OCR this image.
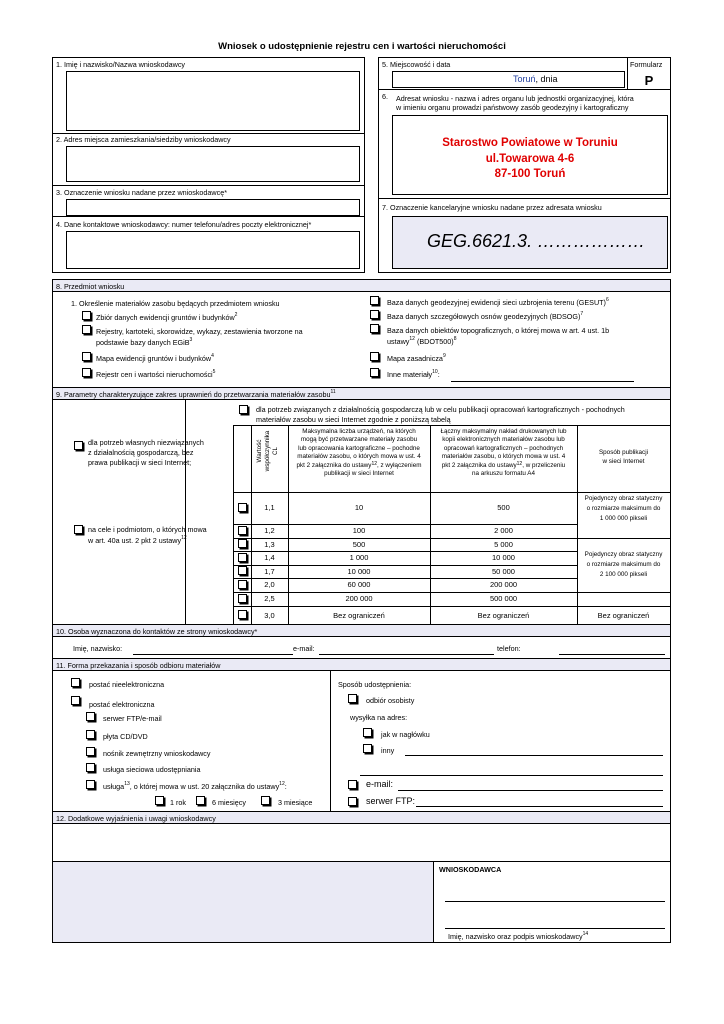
Wniosek o udostępnienie rejestru cen i wartości nieruchomości
1. Imię i nazwisko/Nazwa wnioskodawcy
2. Adres miejsca zamieszkania/siedziby wnioskodawcy
3. Oznaczenie wniosku nadane przez wnioskodawcę*
4. Dane kontaktowe wnioskodawcy: numer telefonu/adres poczty elektronicznej*
5. Miejscowość i data
Toruń, dnia
Formularz
P
6. Adresat wniosku - nazwa i adres organu lub jednostki organizacyjnej, która
w imieniu organu prowadzi państwowy zasób geodezyjny i kartograficzny
Starostwo Powiatowe w Toruniu
ul.Towarowa 4-6
87-100 Toruń
7. Oznaczenie kancelaryjne wniosku nadane przez adresata wniosku
GEG.6621.3. ………………
8. Przedmiot wniosku
1. Określenie materiałów zasobu będących przedmiotem wniosku
Zbiór danych ewidencji gruntów i budynków$^2$
Rejestry, kartoteki, skorowidze, wykazy, zestawienia tworzone na
podstawie bazy danych EGiB$^3$
Mapa ewidencji gruntów i budynków$^4$
Rejestr cen i wartości nieruchomości$^5$
Baza danych geodezyjnej ewidencji sieci uzbrojenia terenu (GESUT)$^6$
Baza danych szczegółowych osnów geodezyjnych (BDSOG)$^7$
Baza danych obiektów topograficznych, o której mowa w art. 4 ust. 1b
ustawy$^{12}$ (BDOT500)$^8$
Mapa zasadnicza$^9$
Inne materiały$^{10}$:
9. Parametry charakteryzujące zakres uprawnień do przetwarzania materiałów zasobu$^{11}$
dla potrzeb własnych niezwiązanych
z działalnością gospodarczą, bez
prawa publikacji w sieci Internet;
na cele i podmiotom, o których mowa
w art. 40a ust. 2 pkt 2 ustawy$^{12}$
dla potrzeb związanych z działalnością gospodarczą lub w celu publikacji opracowań kartograficznych - pochodnych
materiałów zasobu w sieci Internet zgodnie z poniższą tabelą
Wartość współczynnika CL
Maksymalna liczba urządzeń, na których
mogą być przetwarzane materiały zasobu
lub opracowania kartograficzne – pochodne
materiałów zasobu, o których mowa w ust. 4
pkt 2 załącznika do ustawy$^{12}$, z wyłączeniem
publikacji w sieci Internet
Łączny maksymalny nakład drukowanych lub
kopii elektronicznych materiałów zasobu lub
opracowań kartograficznych – pochodnych
materiałów zasobu, o których mowa w ust. 4
pkt 2 załącznika do ustawy$^{12}$, w przeliczeniu
na arkuszu formatu A4
Sposób publikacji
w sieci Internet
1,1	10	500
1,2	100	2 000
1,3	500	5 000
1,4	1 000	10 000
1,7	10 000	50 000
2,0	60 000	200 000
2,5	200 000	500 000
3,0	Bez ograniczeń	Bez ograniczeń	Bez ograniczeń
Pojedynczy obraz statyczny
o rozmiarze maksimum do
1 000 000 pikseli
Pojedynczy obraz statyczny
o rozmiarze maksimum do
2 100 000 pikseli
10. Osoba wyznaczona do kontaktów ze strony wnioskodawcy*
Imię, nazwisko:	e-mail:	telefon:
11. Forma przekazania i sposób odbioru materiałów
postać nieelektroniczna
postać elektroniczna
serwer FTP/e-mail
płyta CD/DVD
nośnik zewnętrzny wnioskodawcy
usługa sieciowa udostępniania
usługa$^{13}$, o której mowa w ust. 20 załącznika do ustawy$^{12}$:
1 rok	6 miesięcy	3 miesiące
Sposób udostępnienia:
odbiór osobisty
wysyłka na adres:
jak w nagłówku
inny
e-mail:
serwer FTP:
12. Dodatkowe wyjaśnienia i uwagi wnioskodawcy
WNIOSKODAWCA
Imię, nazwisko oraz podpis wnioskodawcy$^{14}$
